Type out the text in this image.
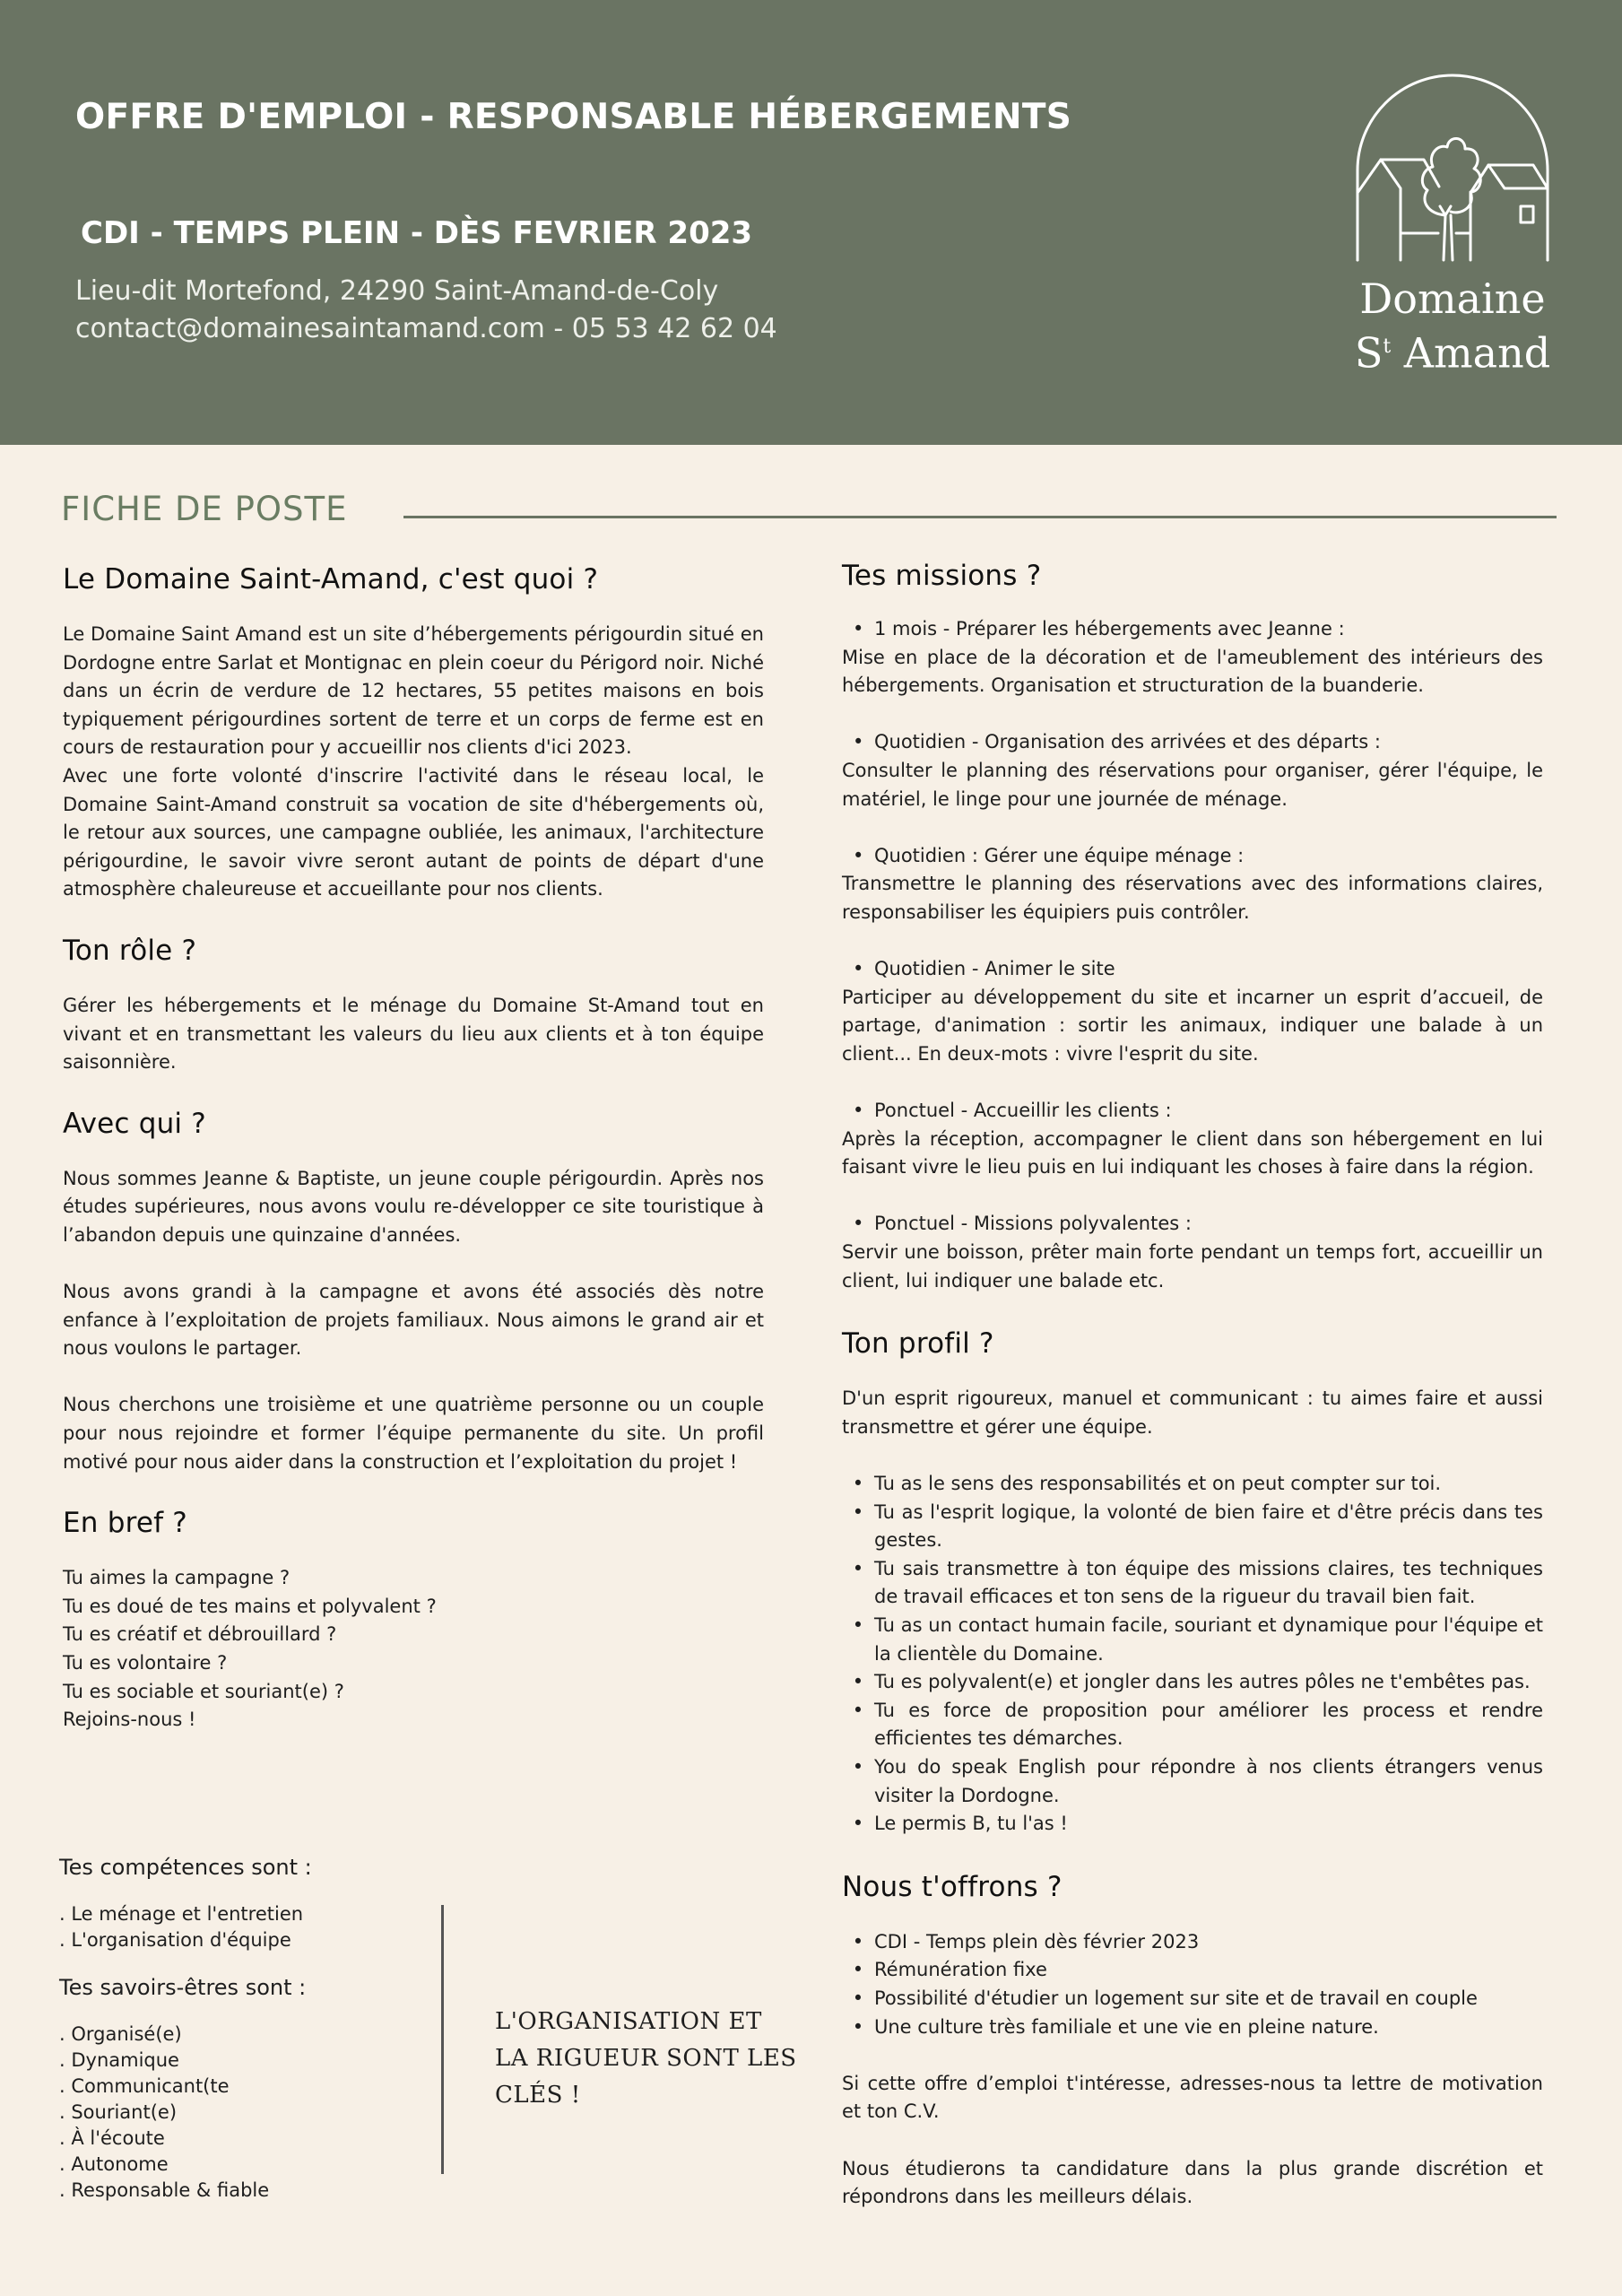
OFFRE D'EMPLOI - RESPONSABLE HÉBERGEMENTS
CDI - TEMPS PLEIN - DÈS FEVRIER 2023
Lieu-dit Mortefond, 24290 Saint-Amand-de-Coly
contact@domainesaintamand.com - 05 53 42 62 04
Domaine
$S^t$ Amand
FICHE DE POSTE
Le Domaine Saint-Amand, c'est quoi ?

Le Domaine Saint Amand est un site d’hébergements périgourdin situé en Dordogne entre Sarlat et Montignac en plein coeur du Périgord noir. Niché dans un écrin de verdure de 12 hectares, 55 petites maisons en bois typiquement périgourdines sortent de terre et un corps de ferme est en cours de restauration pour y accueillir nos clients d'ici 2023.

Avec une forte volonté d'inscrire l'activité dans le réseau local, le Domaine Saint-Amand construit sa vocation de site d'hébergements où, le retour aux sources, une campagne oubliée, les animaux, l'architecture périgourdine, le savoir vivre seront autant de points de départ d'une atmosphère chaleureuse et accueillante pour nos clients.

Ton rôle ?

Gérer les hébergements et le ménage du Domaine St-Amand tout en vivant et en transmettant les valeurs du lieu aux clients et à ton équipe saisonnière.

Avec qui ?

Nous sommes Jeanne & Baptiste, un jeune couple périgourdin. Après nos études supérieures, nous avons voulu re-développer ce site touristique à l’abandon depuis une quinzaine d'années.

Nous avons grandi à la campagne et avons été associés dès notre enfance à l’exploitation de projets familiaux. Nous aimons le grand air et nous voulons le partager.

Nous cherchons une troisième et une quatrième personne ou un couple pour nous rejoindre et former l’équipe permanente du site. Un profil motivé pour nous aider dans la construction et l’exploitation du projet !

En bref ?
Tu aimes la campagne ?
Tu es doué de tes mains et polyvalent ?
Tu es créatif et débrouillard ?
Tu es volontaire ?
Tu es sociable et souriant(e) ?
Rejoins-nous !
Tes compétences sont :
. Le ménage et l'entretien
. L'organisation d'équipe
Tes savoirs-êtres sont :
. Organisé(e)
. Dynamique
. Communicant(te
. Souriant(e)
. À l'écoute
. Autonome
. Responsable & fiable
L'ORGANISATION ET LA RIGUEUR SONT LES CLÉS !
Tes missions ?
• 1 mois - Préparer les hébergements avec Jeanne :

Mise en place de la décoration et de l'ameublement des intérieurs des hébergements. Organisation et structuration de la buanderie.

• Quotidien - Organisation des arrivées et des départs :

Consulter le planning des réservations pour organiser, gérer l'équipe, le matériel, le linge pour une journée de ménage.

• Quotidien : Gérer une équipe ménage :

Transmettre le planning des réservations avec des informations claires, responsabiliser les équipiers puis contrôler.

• Quotidien - Animer le site

Participer au développement du site et incarner un esprit d’accueil, de partage, d'animation : sortir les animaux, indiquer une balade à un client... En deux-mots : vivre l'esprit du site.

• Ponctuel - Accueillir les clients :

Après la réception, accompagner le client dans son hébergement en lui faisant vivre le lieu puis en lui indiquant les choses à faire dans la région.

• Ponctuel - Missions polyvalentes :

Servir une boisson, prêter main forte pendant un temps fort, accueillir un client, lui indiquer une balade etc.

Ton profil ?

D'un esprit rigoureux, manuel et communicant : tu aimes faire et aussi transmettre et gérer une équipe.

• Tu as le sens des responsabilités et on peut compter sur toi.
• Tu as l'esprit logique, la volonté de bien faire et d'être précis dans tes gestes.
• Tu sais transmettre à ton équipe des missions claires, tes techniques de travail efficaces et ton sens de la rigueur du travail bien fait.
• Tu as un contact humain facile, souriant et dynamique pour l'équipe et la clientèle du Domaine.
• Tu es polyvalent(e) et jongler dans les autres pôles ne t'embêtes pas.
• Tu es force de proposition pour améliorer les process et rendre efficientes tes démarches.
• You do speak English pour répondre à nos clients étrangers venus visiter la Dordogne.
• Le permis B, tu l'as !
Nous t'offrons ?
• CDI - Temps plein dès février 2023
• Rémunération fixe
• Possibilité d'étudier un logement sur site et de travail en couple
• Une culture très familiale et une vie en pleine nature.

Si cette offre d’emploi t'intéresse, adresses-nous ta lettre de motivation et ton C.V.

Nous étudierons ta candidature dans la plus grande discrétion et répondrons dans les meilleurs délais.
